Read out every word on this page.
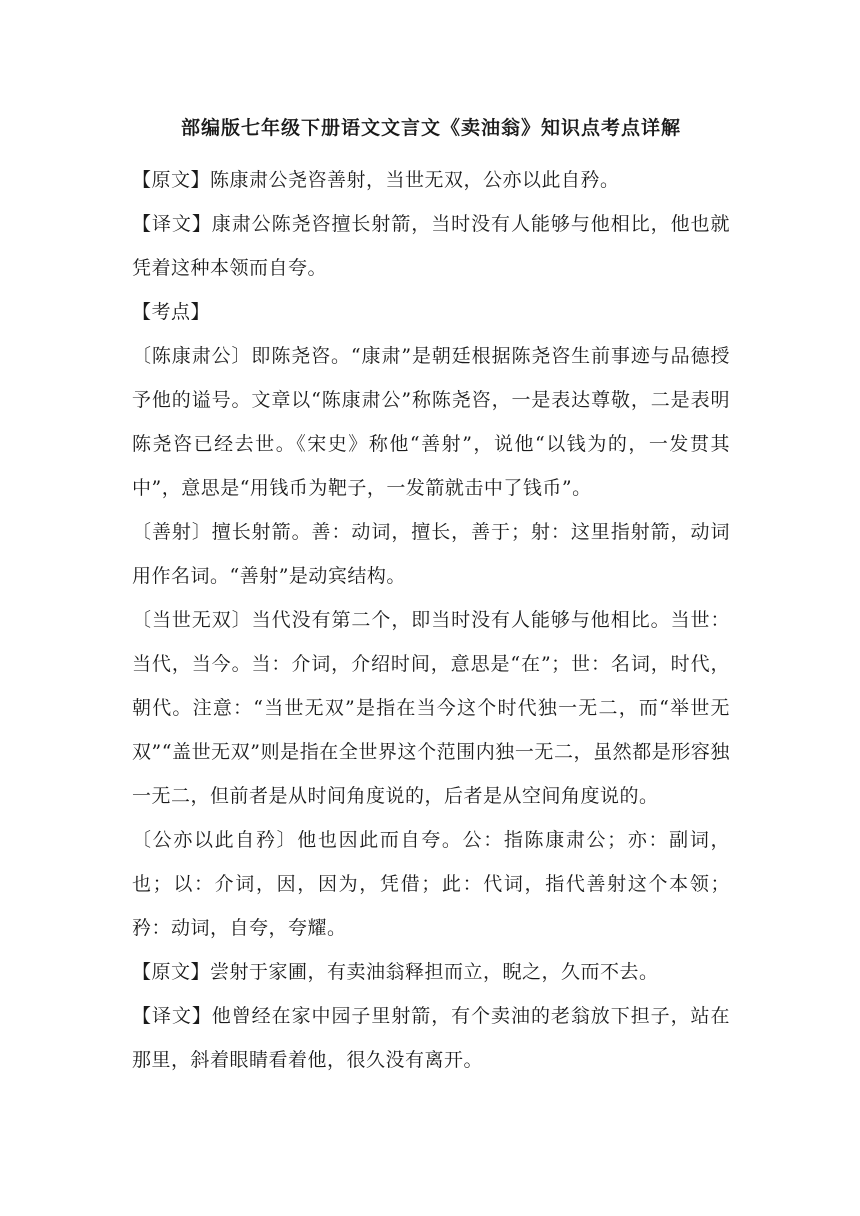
部编版七年级下册语文文言文《卖油翁》知识点考点详解

【原文】陈康肃公尧咨善射，当世无双，公亦以此自矜。

【译文】康肃公陈尧咨擅长射箭，当时没有人能够与他相比，他也就凭着这种本领而自夸。

【考点】

〔陈康肃公〕即陈尧咨。“康肃”是朝廷根据陈尧咨生前事迹与品德授予他的谥号。文章以“陈康肃公”称陈尧咨，一是表达尊敬，二是表明陈尧咨已经去世。《宋史》称他“善射”，说他“以钱为的，一发贯其中”，意思是“用钱币为靶子，一发箭就击中了钱币”。

〔善射〕擅长射箭。善：动词，擅长，善于；射：这里指射箭，动词用作名词。“善射”是动宾结构。

〔当世无双〕当代没有第二个，即当时没有人能够与他相比。当世：当代，当今。当：介词，介绍时间，意思是“在”；世：名词，时代，朝代。注意：“当世无双”是指在当今这个时代独一无二，而“举世无双”“盖世无双”则是指在全世界这个范围内独一无二，虽然都是形容独一无二，但前者是从时间角度说的，后者是从空间角度说的。

〔公亦以此自矜〕他也因此而自夸。公：指陈康肃公；亦：副词，也；以：介词，因，因为，凭借；此：代词，指代善射这个本领；矜：动词，自夸，夸耀。

【原文】尝射于家圃，有卖油翁释担而立，睨之，久而不去。

【译文】他曾经在家中园子里射箭，有个卖油的老翁放下担子，站在那里，斜着眼睛看着他，很久没有离开。
